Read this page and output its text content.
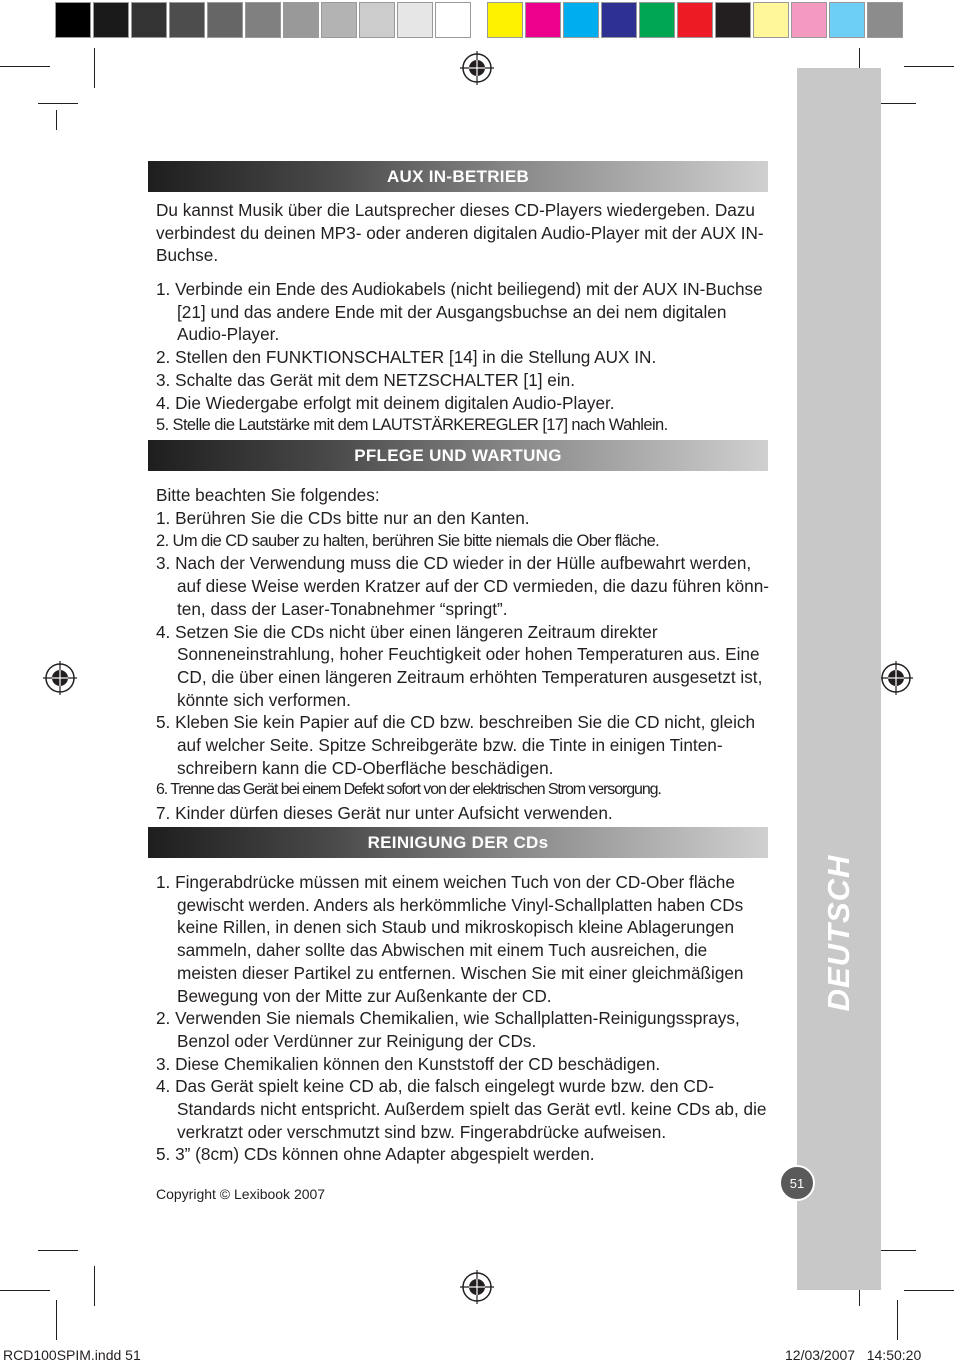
DEUTSCH
51
AUX IN-BETRIEB

Du kannst Musik über die Lautsprecher dieses CD-Players wiedergeben. Dazu verbindest du deinen MP3- oder anderen digitalen Audio-Player mit der AUX IN-Buchse.

1. Verbinde ein Ende des Audiokabels (nicht beiliegend) mit der AUX IN-Buchse [21] und das andere Ende mit der Ausgangsbuchse an dei nem digitalen Audio-Player.
2. Stellen den FUNKTIONSCHALTER [14] in die Stellung AUX IN.
3. Schalte das Gerät mit dem NETZSCHALTER [1] ein.
4. Die Wiedergabe erfolgt mit deinem digitalen Audio-Player.
5. Stelle die Lautstärke mit dem LAUTSTÄRKEREGLER [17] nach Wahlein.
PFLEGE UND WARTUNG

Bitte beachten Sie folgendes:

1. Berühren Sie die CDs bitte nur an den Kanten.
2. Um die CD sauber zu halten, berühren Sie bitte niemals die Ober fläche.
3. Nach der Verwendung muss die CD wieder in der Hülle aufbewahrt werden, auf diese Weise werden Kratzer auf der CD vermieden, die dazu führen könn-ten, dass der Laser-Tonabnehmer “springt”.
4. Setzen Sie die CDs nicht über einen längeren Zeitraum direkter Sonneneinstrahlung, hoher Feuchtigkeit oder hohen Temperaturen aus. Eine CD, die über einen längeren Zeitraum erhöhten Temperaturen ausgesetzt ist, könnte sich verformen.
5. Kleben Sie kein Papier auf die CD bzw. beschreiben Sie die CD nicht, gleich auf welcher Seite. Spitze Schreibgeräte bzw. die Tinte in einigen Tinten-schreibern kann die CD-Oberfläche beschädigen.
6. Trenne das Gerät bei einem Defekt sofort von der elektrischen Strom versorgung.
7. Kinder dürfen dieses Gerät nur unter Aufsicht verwenden.
REINIGUNG DER CDs
1. Fingerabdrücke müssen mit einem weichen Tuch von der CD-Ober fläche gewischt werden. Anders als herkömmliche Vinyl-Schallplatten haben CDs keine Rillen, in denen sich Staub und mikroskopisch kleine Ablagerungen sammeln, daher sollte das Abwischen mit einem Tuch ausreichen, die meisten dieser Partikel zu entfernen. Wischen Sie mit einer gleichmäßigen Bewegung von der Mitte zur Außenkante der CD.
2. Verwenden Sie niemals Chemikalien, wie Schallplatten-Reinigungssprays, Benzol oder Verdünner zur Reinigung der CDs.
3. Diese Chemikalien können den Kunststoff der CD beschädigen.
4. Das Gerät spielt keine CD ab, die falsch eingelegt wurde bzw. den CD-Standards nicht entspricht. Außerdem spielt das Gerät evtl. keine CDs ab, die verkratzt oder verschmutzt sind bzw. Fingerabdrücke aufweisen.
5. 3” (8cm) CDs können ohne Adapter abgespielt werden.
Copyright © Lexibook 2007
RCD100SPIM.indd 51	12/03/2007   14:50:20
